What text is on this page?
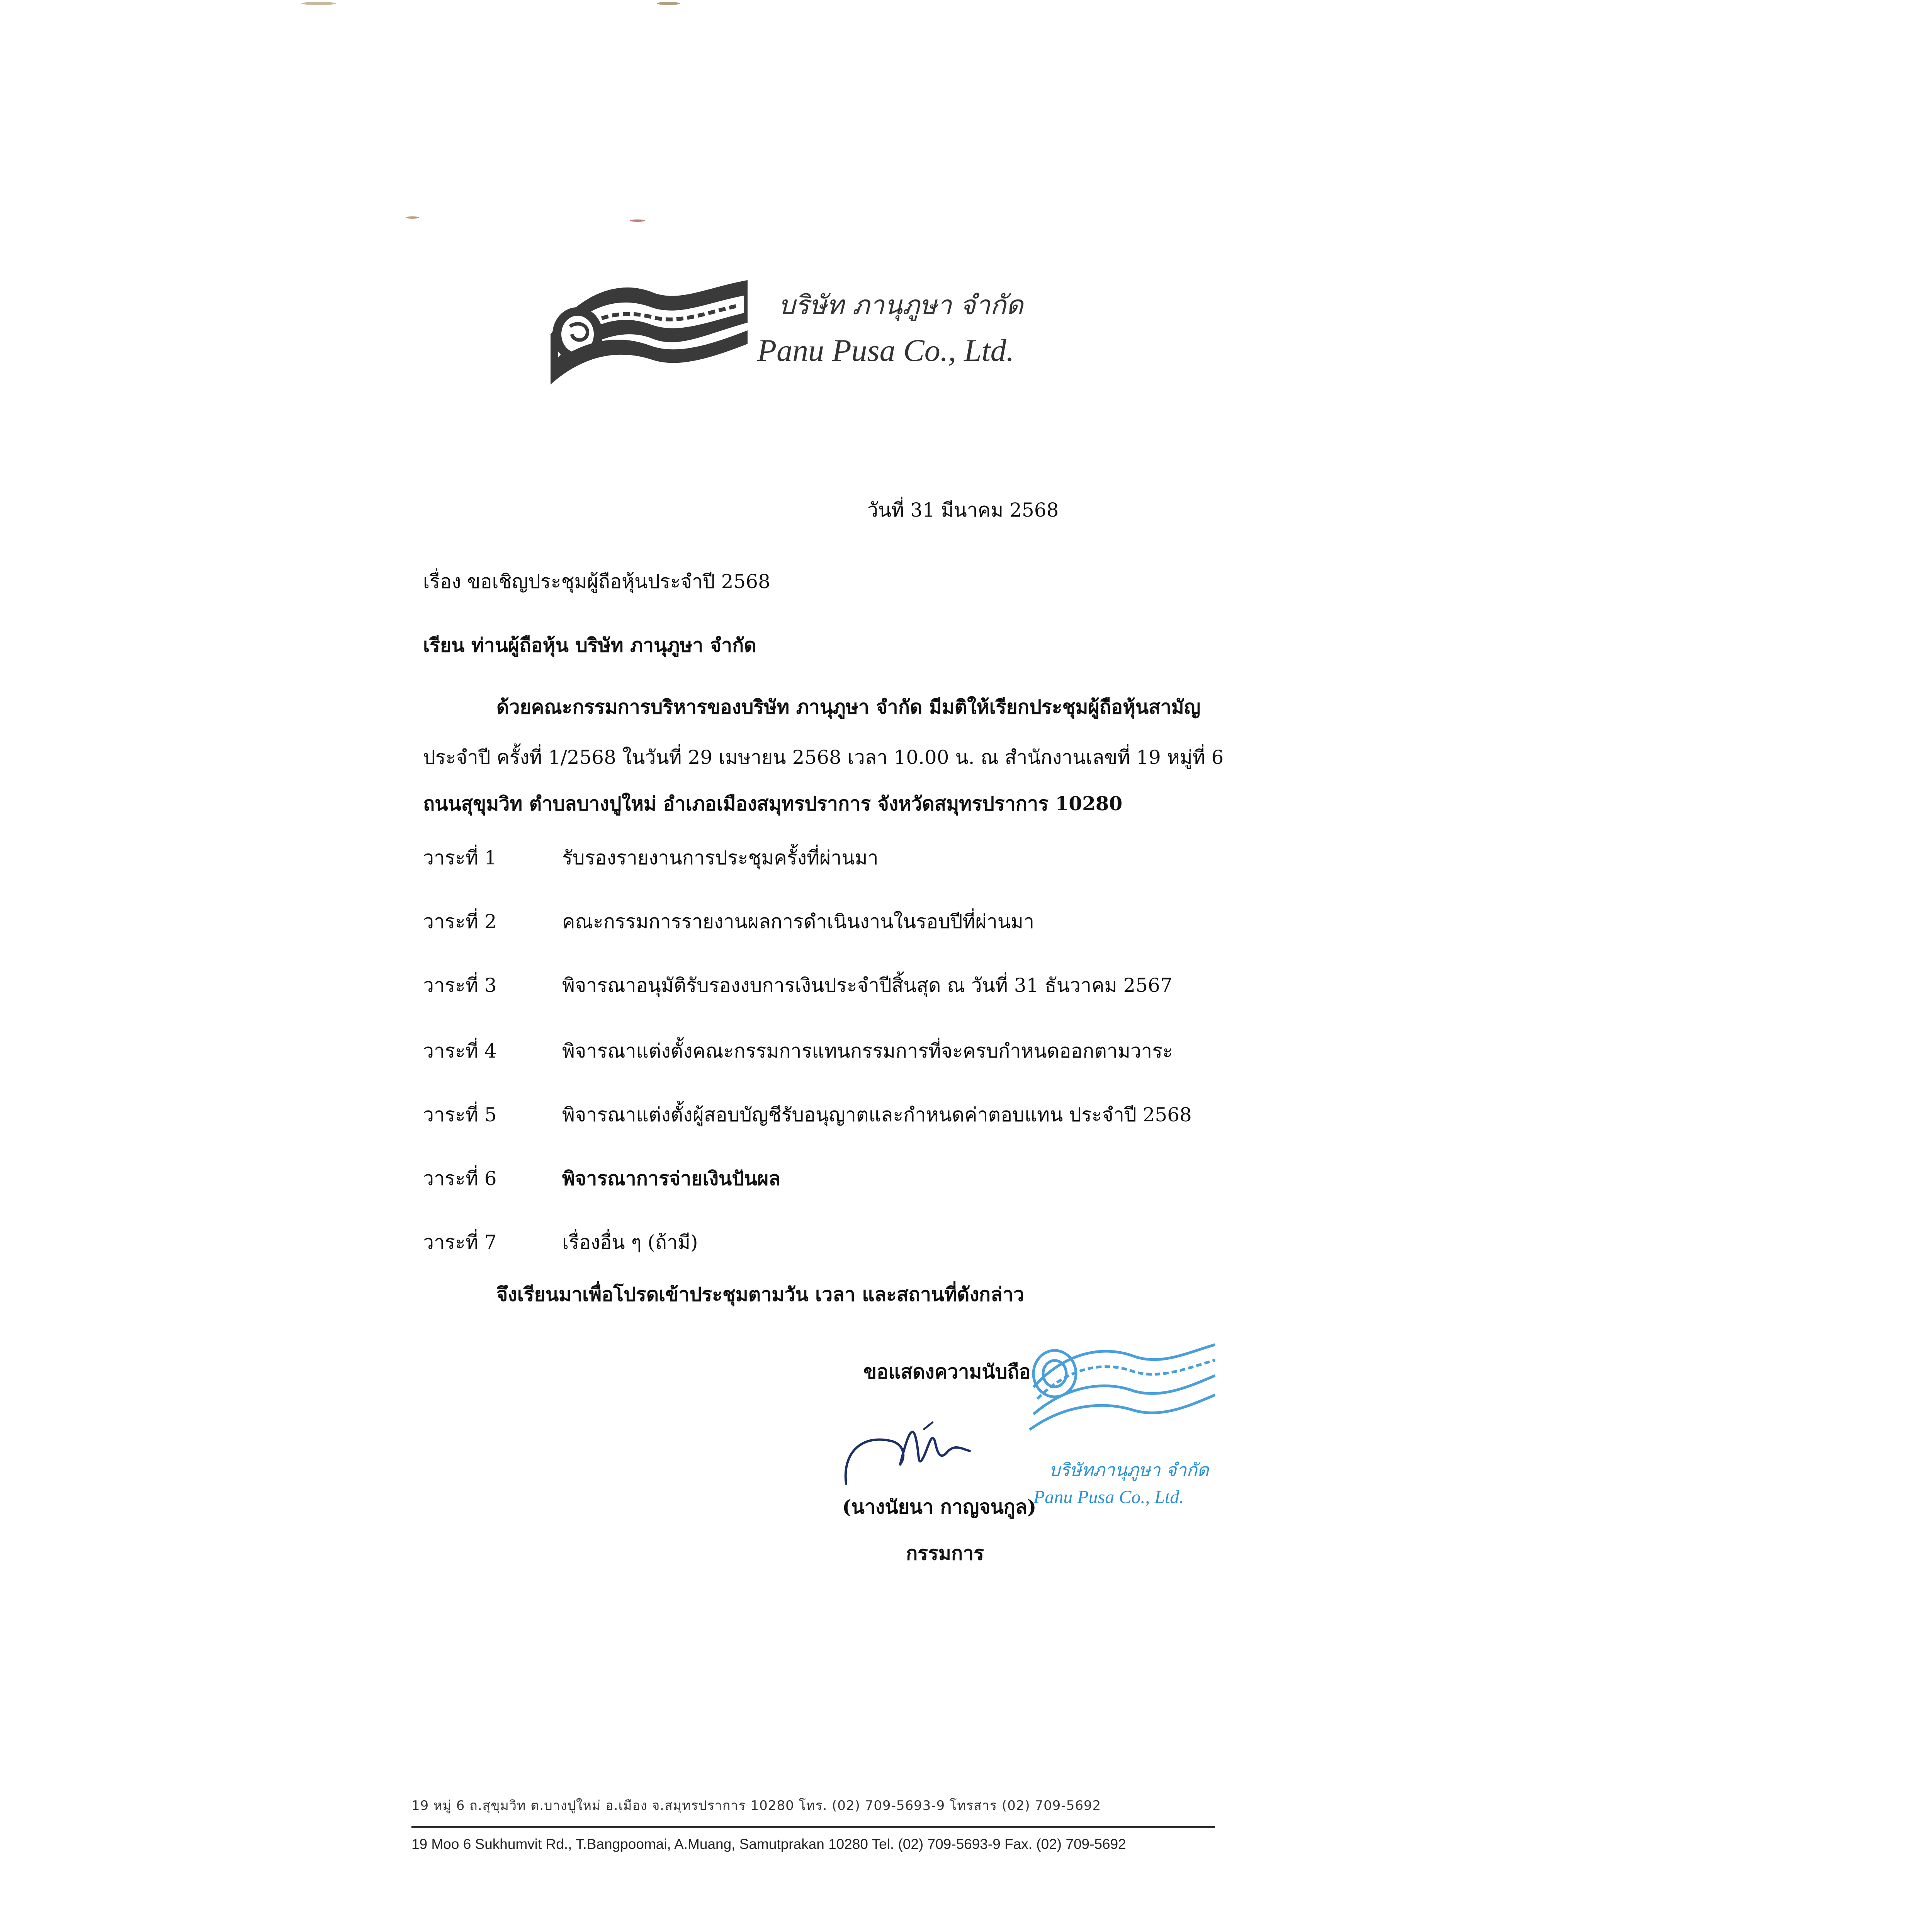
บริษัท ภานุภูษา จำกัด
Panu Pusa Co., Ltd.
วันที่ 31 มีนาคม 2568
เรื่อง ขอเชิญประชุมผู้ถือหุ้นประจำปี 2568
เรียน ท่านผู้ถือหุ้น บริษัท ภานุภูษา จำกัด
ด้วยคณะกรรมการบริหารของบริษัท ภานุภูษา จำกัด มีมติให้เรียกประชุมผู้ถือหุ้นสามัญ
ประจำปี ครั้งที่ 1/2568 ในวันที่ 29 เมษายน 2568 เวลา 10.00 น. ณ สำนักงานเลขที่ 19 หมู่ที่ 6
ถนนสุขุมวิท ตำบลบางปูใหม่ อำเภอเมืองสมุทรปราการ จังหวัดสมุทรปราการ 10280
วาระที่ 1	รับรองรายงานการประชุมครั้งที่ผ่านมา
วาระที่ 2	คณะกรรมการรายงานผลการดำเนินงานในรอบปีที่ผ่านมา
วาระที่ 3	พิจารณาอนุมัติรับรองงบการเงินประจำปีสิ้นสุด ณ วันที่ 31 ธันวาคม 2567
วาระที่ 4	พิจารณาแต่งตั้งคณะกรรมการแทนกรรมการที่จะครบกำหนดออกตามวาระ
วาระที่ 5	พิจารณาแต่งตั้งผู้สอบบัญชีรับอนุญาตและกำหนดค่าตอบแทน ประจำปี 2568
วาระที่ 6	พิจารณาการจ่ายเงินปันผล
วาระที่ 7	เรื่องอื่น ๆ (ถ้ามี)
จึงเรียนมาเพื่อโปรดเข้าประชุมตามวัน เวลา และสถานที่ดังกล่าว
ขอแสดงความนับถือ
(นางนัยนา กาญจนกูล)
กรรมการ
บริษัทภานุภูษา จำกัด
Panu Pusa Co., Ltd.
19 หมู่ 6 ถ.สุขุมวิท ต.บางปูใหม่ อ.เมือง จ.สมุทรปราการ 10280 โทร. (02) 709-5693-9 โทรสาร (02) 709-5692
19 Moo 6 Sukhumvit Rd., T.Bangpoomai, A.Muang, Samutprakan 10280 Tel. (02) 709-5693-9 Fax. (02) 709-5692
